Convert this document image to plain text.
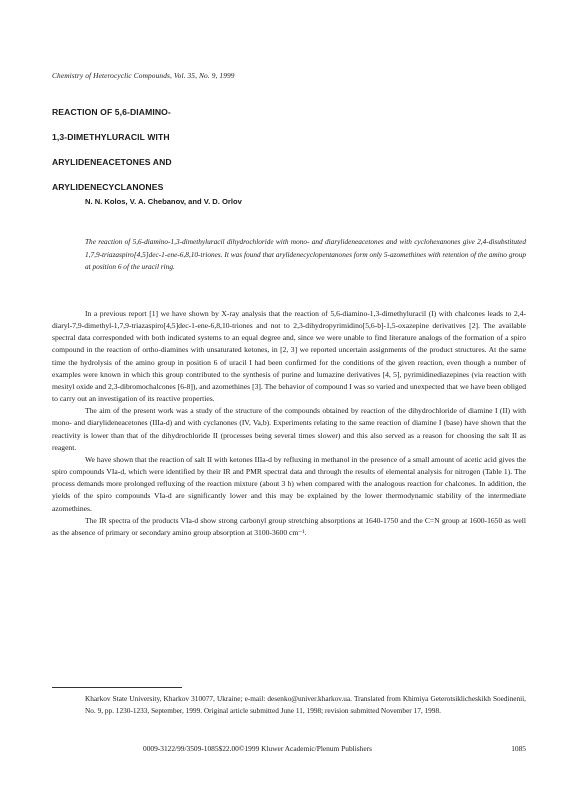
Chemistry of Heterocyclic Compounds, Vol. 35, No. 9, 1999
REACTION OF 5,6-DIAMINO-
1,3-DIMETHYLURACIL WITH
ARYLIDENEACETONES AND
ARYLIDENECYCLANONES
N. N. Kolos, V. A. Chebanov, and V. D. Orlov
The reaction of 5,6-diamino-1,3-dimethyluracil dihydrochloride with mono- and diarylideneacetones and with cyclohexanones give 2,4-disubstituted 1,7,9-triazaspiro[4,5]dec-1-ene-6,8,10-triones. It was found that arylidenecyclopentanones form only 5-azomethines with retention of the amino group at position 6 of the uracil ring.

In a previous report [1] we have shown by X-ray analysis that the reaction of 5,6-diamino-1,3-dimethyluracil (I) with chalcones leads to 2,4-diaryl-7,9-dimethyl-1,7,9-triazaspiro[4,5]dec-1-ene-6,8,10-triones and not to 2,3-dihydropyrimidino[5,6-b]-1,5-oxazepine derivatives [2]. The available spectral data corresponded with both indicated systems to an equal degree and, since we were unable to find literature analogs of the formation of a spiro compound in the reaction of ortho-diamines with unsaturated ketones, in [2, 3] we reported uncertain assignments of the product structures. At the same time the hydrolysis of the amino group in position 6 of uracil I had been confirmed for the conditions of the given reaction, even though a number of examples were known in which this group contributed to the synthesis of purine and lumazine derivatives [4, 5], pyrimidinediazepines (via reaction with mesityl oxide and 2,3-dibromochalcones [6-8]), and azomethines [3]. The behavior of compound I was so varied and unexpected that we have been obliged to carry out an investigation of its reactive properties.

The aim of the present work was a study of the structure of the compounds obtained by reaction of the dihydrochloride of diamine I (II) with mono- and diarylideneacetones (IIIa-d) and with cyclanones (IV, Va,b). Experiments relating to the same reaction of diamine I (base) have shown that the reactivity is lower than that of the dihydrochloride II (processes being several times slower) and this also served as a reason for choosing the salt II as reagent.

We have shown that the reaction of salt II with ketones IIIa-d by refluxing in methanol in the presence of a small amount of acetic acid gives the spiro compounds VIa-d, which were identified by their IR and PMR spectral data and through the results of elemental analysis for nitrogen (Table 1). The process demands more prolonged refluxing of the reaction mixture (about 3 h) when compared with the analogous reaction for chalcones. In addition, the yields of the spiro compounds VIa-d are significantly lower and this may be explained by the lower thermodynamic stability of the intermediate azomethines.

The IR spectra of the products VIa-d show strong carbonyl group stretching absorptions at 1640-1750 and the C=N group at 1600-1650 as well as the absence of primary or secondary amino group absorption at 3100-3600 cm⁻¹.

Kharkov State University, Kharkov 310077, Ukraine; e-mail: desenko@univer.kharkov.ua. Translated from Khimiya Geterotsiklicheskikh Soedinenii, No. 9, pp. 1230-1233, September, 1999. Original article submitted June 11, 1998; revision submitted November 17, 1998.
0009-3122/99/3509-1085$22.00©1999 Kluwer Academic/Plenum Publishers	1085
